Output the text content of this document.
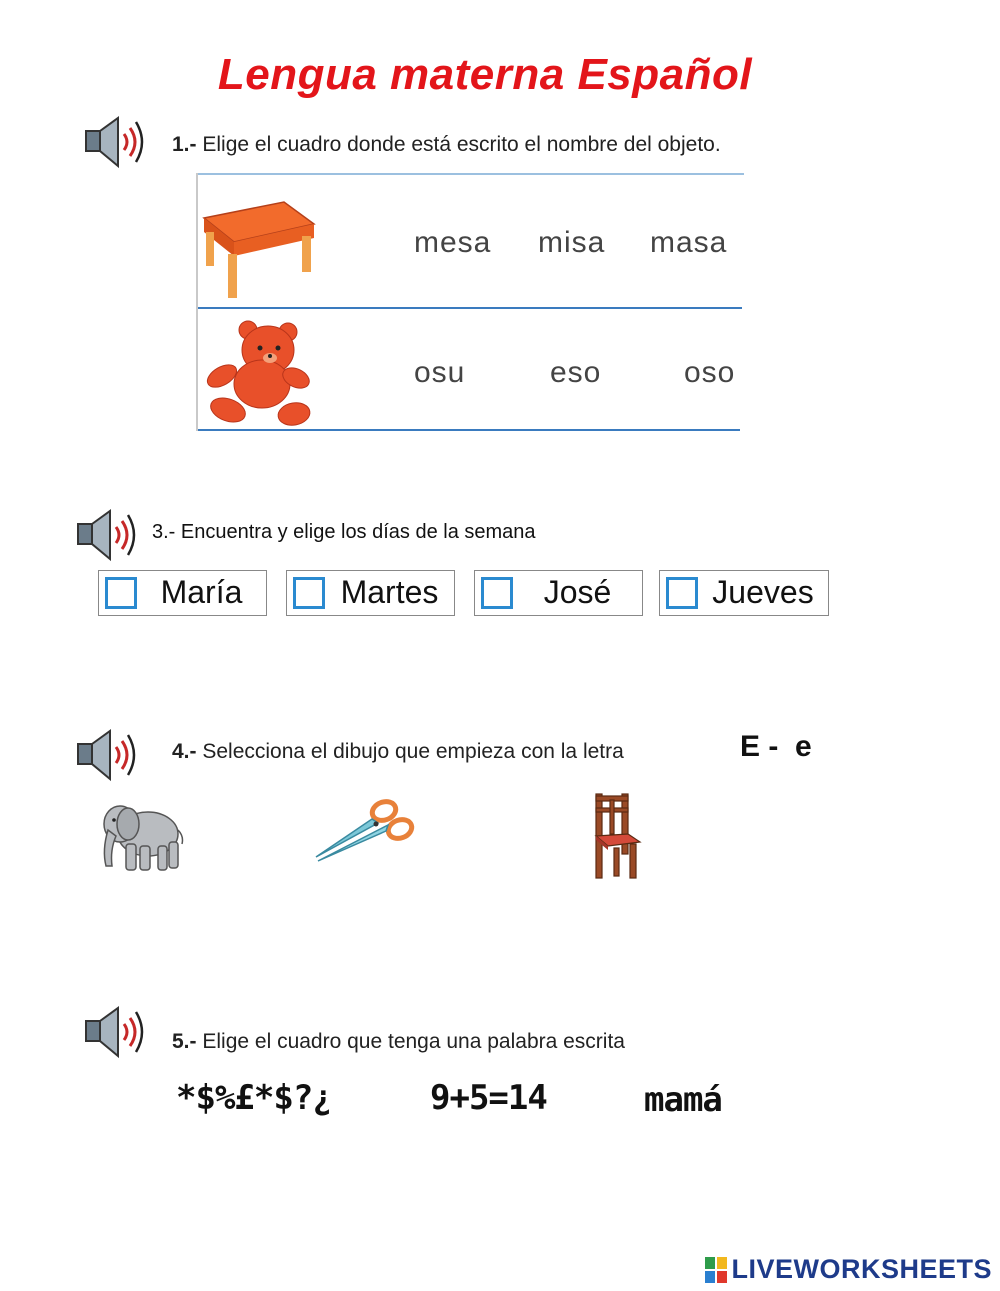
Lengua materna Español
1.- Elige el cuadro donde está escrito el nombre del objeto.
mesa misa masa
osu	eso	oso
3.- Encuentra y elige los días de la semana
María	Martes	José	Jueves
4.- Selecciona el dibujo que empieza con la letra	E -  e
5.- Elige el cuadro que tenga una palabra escrita
*$%£*$?¿	9+5=14	mamá
LIVEWORKSHEETS
